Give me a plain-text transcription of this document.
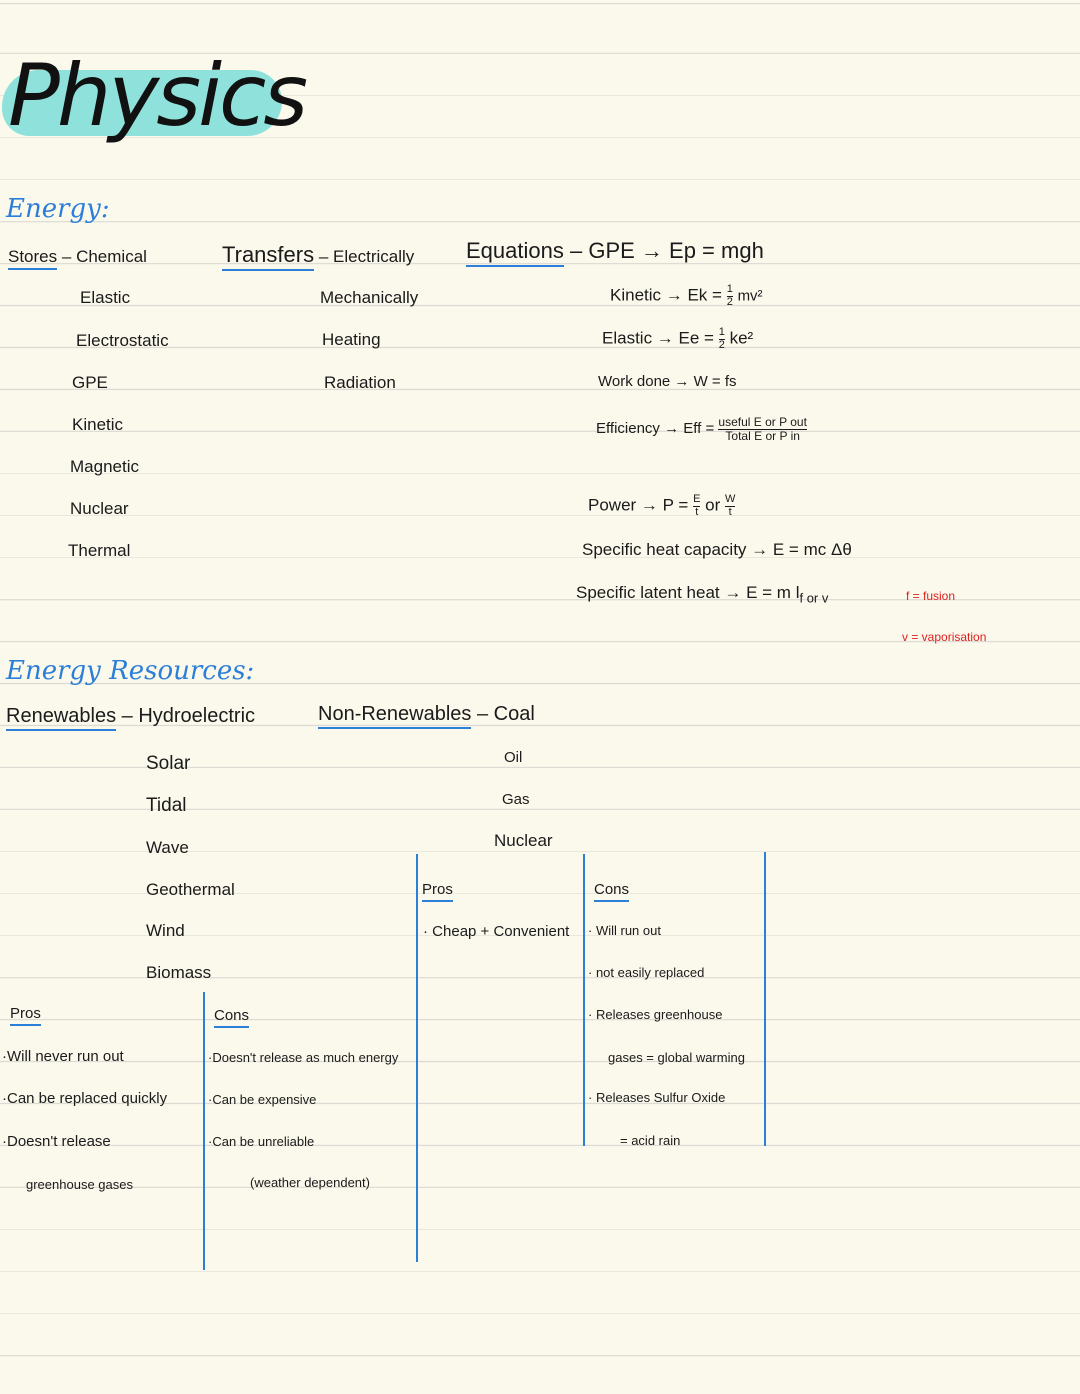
Physics
Energy:
Stores – Chemical
Elastic
Electrostatic
GPE
Kinetic
Magnetic
Nuclear
Thermal
Transfers – Electrically
Mechanically
Heating
Radiation
Equations – GPE → Ep = mgh
Kinetic → $Ek = \frac{1}{2} mv^2$
Elastic → $Ee = \frac{1}{2} ke^2$
Work done → W = fs
Efficiency → Eff = $\frac{\text{useful E or P out}}{\text{Total E or P in}}$
Power → $P = \frac{E}{t}$ or $\frac{W}{t}$
Specific heat capacity → E = mc Δθ
Specific latent heat → E = m $l_{f or v}$	f = fusion
v = vaporisation
Energy Resources:
Renewables – Hydroelectric
Solar
Tidal
Wave
Geothermal
Wind
Biomass
Non-Renewables – Coal
Oil
Gas
Nuclear
Pros
· Cheap + Convenient
Cons
· Will run out
· not easily replaced
· Releases greenhouse
gases = global warming
· Releases Sulfur Oxide
= acid rain
Pros
·Will never run out
·Can be replaced quickly
·Doesn't release
greenhouse gases
Cons
·Doesn't release as much energy
·Can be expensive
·Can be unreliable
(weather dependent)
